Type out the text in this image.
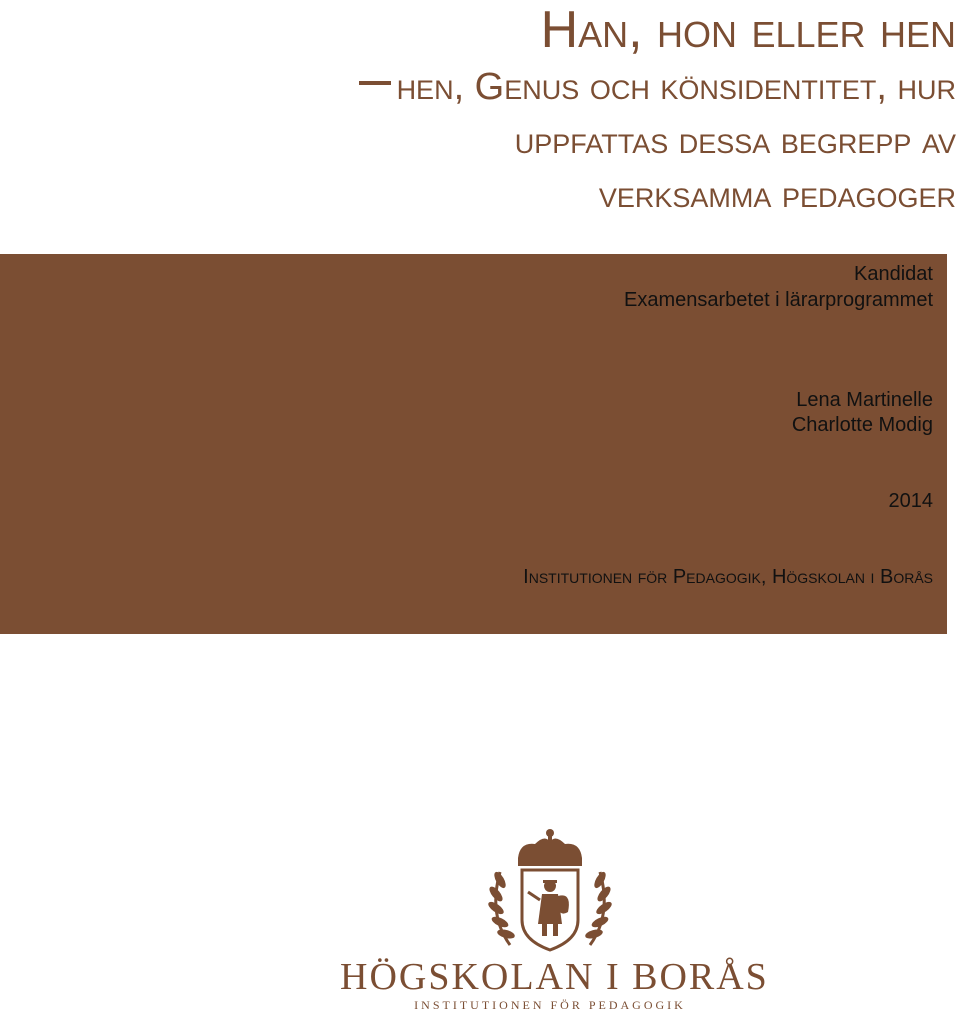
Han, hon eller hen
hen, Genus och könsidentitet, hur
uppfattas dessa begrepp av
verksamma pedagoger
Kandidat
Examensarbetet i lärarprogrammet
Lena Martinelle
Charlotte Modig
2014
Institutionen för Pedagogik, Högskolan i Borås
HÖGSKOLAN I BORÅS
INSTITUTIONEN FÖR PEDAGOGIK
